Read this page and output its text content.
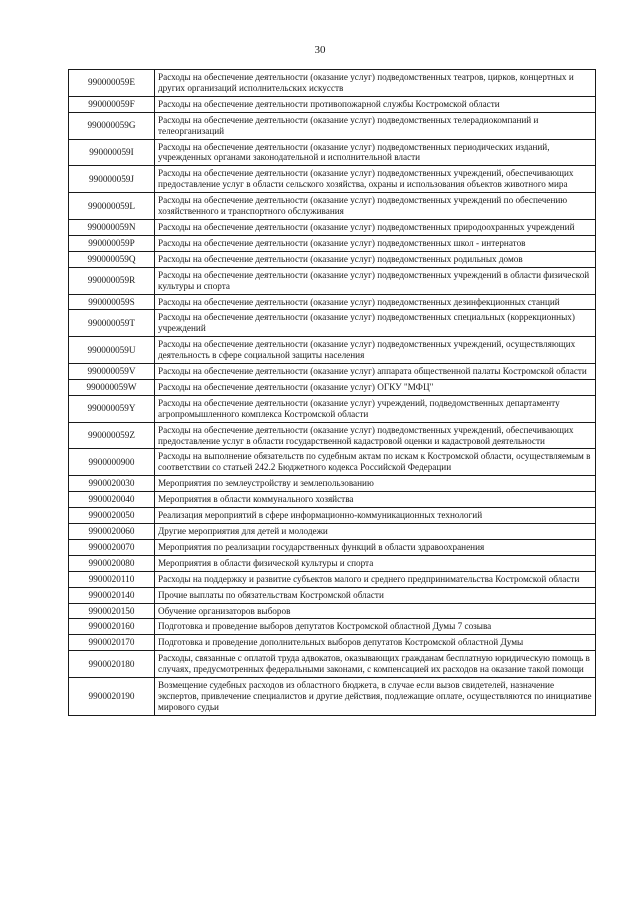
30
990000059E	Расходы на обеспечение деятельности (оказание услуг) подведомственных театров, цирков, концертных и других организаций исполнительских искусств
990000059F	Расходы на обеспечение деятельности противопожарной службы Костромской области
990000059G	Расходы на обеспечение деятельности (оказание услуг) подведомственных телерадиокомпаний и телеорганизаций
990000059I	Расходы на обеспечение деятельности (оказание услуг) подведомственных периодических изданий, учрежденных органами законодательной и исполнительной власти
990000059J	Расходы на обеспечение деятельности (оказание услуг) подведомственных учреждений, обеспечивающих предоставление услуг в области сельского хозяйства, охраны и использования объектов животного мира
990000059L	Расходы на обеспечение деятельности (оказание услуг) подведомственных учреждений по обеспечению хозяйственного и транспортного обслуживания
990000059N	Расходы на обеспечение деятельности (оказание услуг) подведомственных природоохранных учреждений
990000059P	Расходы на обеспечение деятельности (оказание услуг) подведомственных школ - интернатов
990000059Q	Расходы на обеспечение деятельности (оказание услуг) подведомственных родильных домов
990000059R	Расходы на обеспечение деятельности (оказание услуг) подведомственных учреждений в области физической культуры и спорта
990000059S	Расходы на обеспечение деятельности (оказание услуг) подведомственных дезинфекционных станций
990000059T	Расходы на обеспечение деятельности (оказание услуг) подведомственных специальных (коррекционных) учреждений
990000059U	Расходы на обеспечение деятельности (оказание услуг) подведомственных учреждений, осуществляющих деятельность в сфере социальной защиты населения
990000059V	Расходы на обеспечение деятельности (оказание услуг) аппарата общественной палаты Костромской области
990000059W	Расходы на обеспечение деятельности (оказание услуг) ОГКУ "МФЦ"
990000059Y	Расходы на обеспечение деятельности (оказание услуг) учреждений, подведомственных департаменту агропромышленного комплекса Костромской области
990000059Z	Расходы на обеспечение деятельности (оказание услуг) подведомственных учреждений, обеспечивающих предоставление услуг в области государственной кадастровой оценки и кадастровой деятельности
9900000900	Расходы на выполнение обязательств по судебным актам по искам к Костромской области, осуществляемым в соответствии со статьей 242.2 Бюджетного кодекса Российской Федерации
9900020030	Мероприятия по землеустройству и землепользованию
9900020040	Мероприятия в области коммунального хозяйства
9900020050	Реализация мероприятий в сфере информационно-коммуникационных технологий
9900020060	Другие мероприятия для детей и молодежи
9900020070	Мероприятия по реализации государственных функций в области здравоохранения
9900020080	Мероприятия в области физической культуры и спорта
9900020110	Расходы на поддержку и развитие субъектов малого и среднего предпринимательства Костромской области
9900020140	Прочие выплаты по обязательствам Костромской области
9900020150	Обучение организаторов выборов
9900020160	Подготовка и проведение выборов депутатов Костромской областной Думы 7 созыва
9900020170	Подготовка и проведение дополнительных выборов депутатов Костромской областной Думы
9900020180	Расходы, связанные с оплатой труда адвокатов, оказывающих гражданам бесплатную юридическую помощь в случаях, предусмотренных федеральными законами, с компенсацией их расходов на оказание такой помощи
9900020190	Возмещение судебных расходов из областного бюджета, в случае если вызов свидетелей, назначение экспертов, привлечение специалистов и другие действия, подлежащие оплате, осуществляются по инициативе мирового судьи
